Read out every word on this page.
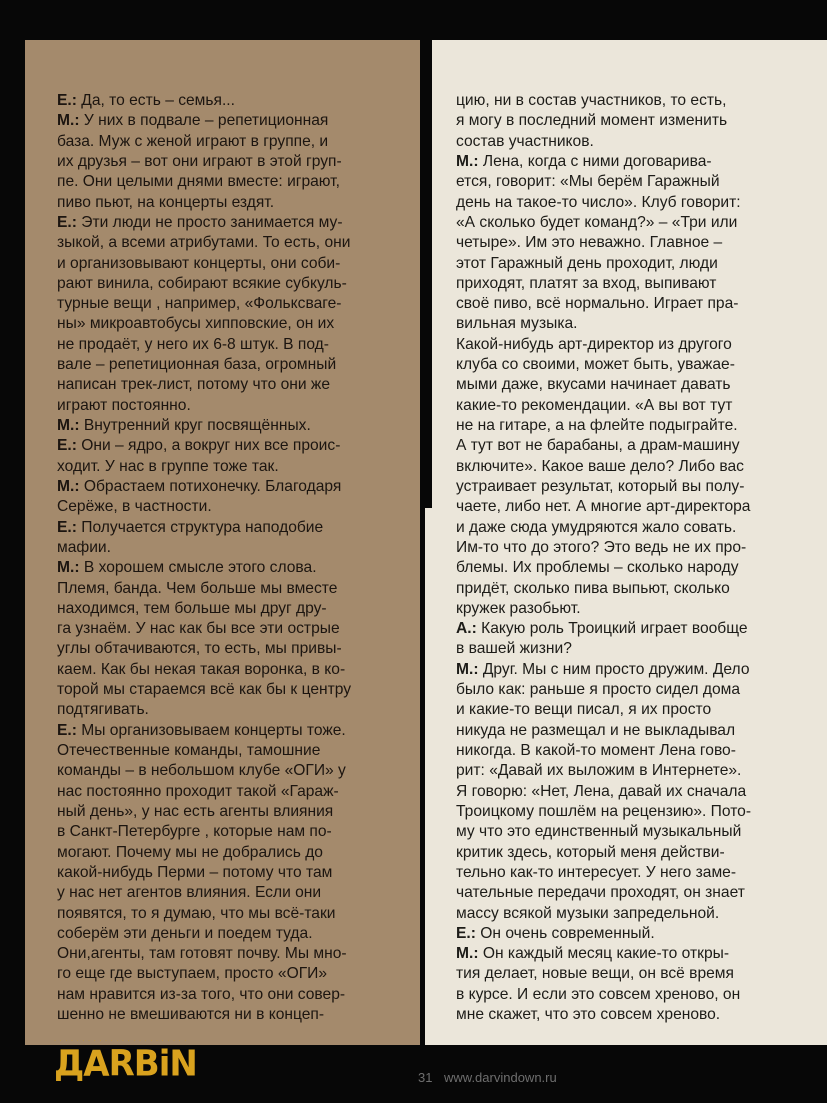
Е.: Да, то есть – семья...
М.: У них в подвале – репетиционная
база. Муж с женой играют в группе, и
их друзья – вот они играют в этой груп-
пе. Они целыми днями вместе: играют,
пиво пьют, на концерты ездят.
Е.: Эти люди не просто занимается му-
зыкой, а всеми атрибутами. То есть, они
и организовывают концерты, они соби-
рают винила, собирают всякие субкуль-
турные вещи , например, «Фольксваге-
ны» микроавтобусы хипповские, он их
не продаёт, у него их 6-8 штук. В под-
вале – репетиционная база, огромный
написан трек-лист, потому что они же
играют постоянно.
М.: Внутренний круг посвящённых.
Е.: Они – ядро, а вокруг них все проис-
ходит. У нас в группе тоже так.
М.: Обрастаем потихонечку. Благодаря
Серёже, в частности.
Е.: Получается структура наподобие
мафии.
М.: В хорошем смысле этого слова.
Племя, банда. Чем больше мы вместе
находимся, тем больше мы друг дру-
га узнаём. У нас как бы все эти острые
углы обтачиваются, то есть, мы привы-
каем. Как бы некая такая воронка, в ко-
торой мы стараемся всё как бы к центру
подтягивать.
Е.: Мы организовываем концерты тоже.
Отечественные команды, тамошние
команды – в небольшом клубе «ОГИ» у
нас постоянно проходит такой «Гараж-
ный день», у нас есть агенты влияния
в Санкт-Петербурге , которые нам по-
могают. Почему мы не добрались до
какой-нибудь Перми – потому что там
у нас нет агентов влияния. Если они
появятся, то я думаю, что мы всё-таки
соберём эти деньги и поедем туда.
Они,агенты, там готовят почву. Мы мно-
го еще где выступаем, просто «ОГИ»
нам нравится из-за того, что они совер-
шенно не вмешиваются ни в концеп-
цию, ни в состав участников, то есть,
я могу в последний момент изменить
состав участников.
М.: Лена, когда с ними договарива-
ется, говорит: «Мы берём Гаражный
день на такое-то число». Клуб говорит:
«А сколько будет команд?» – «Три или
четыре». Им это неважно. Главное –
этот Гаражный день проходит, люди
приходят, платят за вход, выпивают
своё пиво, всё нормально. Играет пра-
вильная музыка.
Какой-нибудь арт-директор из другого
клуба со своими, может быть, уважае-
мыми даже, вкусами начинает давать
какие-то рекомендации. «А вы вот тут
не на гитаре, а на флейте подыграйте.
А тут вот не барабаны, а драм-машину
включите». Какое ваше дело? Либо вас
устраивает результат, который вы полу-
чаете, либо нет. А многие арт-директора
и даже сюда умудряются жало совать.
Им-то что до этого? Это ведь не их про-
блемы. Их проблемы – сколько народу
придёт, сколько пива выпьют, сколько
кружек разобьют.
А.: Какую роль Троицкий играет вообще
в вашей жизни?
М.: Друг. Мы с ним просто дружим. Дело
было как: раньше я просто сидел дома
и какие-то вещи писал, я их просто
никуда не размещал и не выкладывал
никогда. В какой-то момент Лена гово-
рит: «Давай их выложим в Интернете».
Я говорю: «Нет, Лена, давай их сначала
Троицкому пошлём на рецензию». Пото-
му что это единственный музыкальный
критик здесь, который меня действи-
тельно как-то интересует. У него заме-
чательные передачи проходят, он знает
массу всякой музыки запредельной.
Е.: Он очень современный.
М.: Он каждый месяц какие-то откры-
тия делает, новые вещи, он всё время
в курсе. И если это совсем хреново, он
мне скажет, что это совсем хреново.
· · · · · · · · · · · · · · · · · · · · · · · ·
ДАRВiN	31 www.darvindown.ru
